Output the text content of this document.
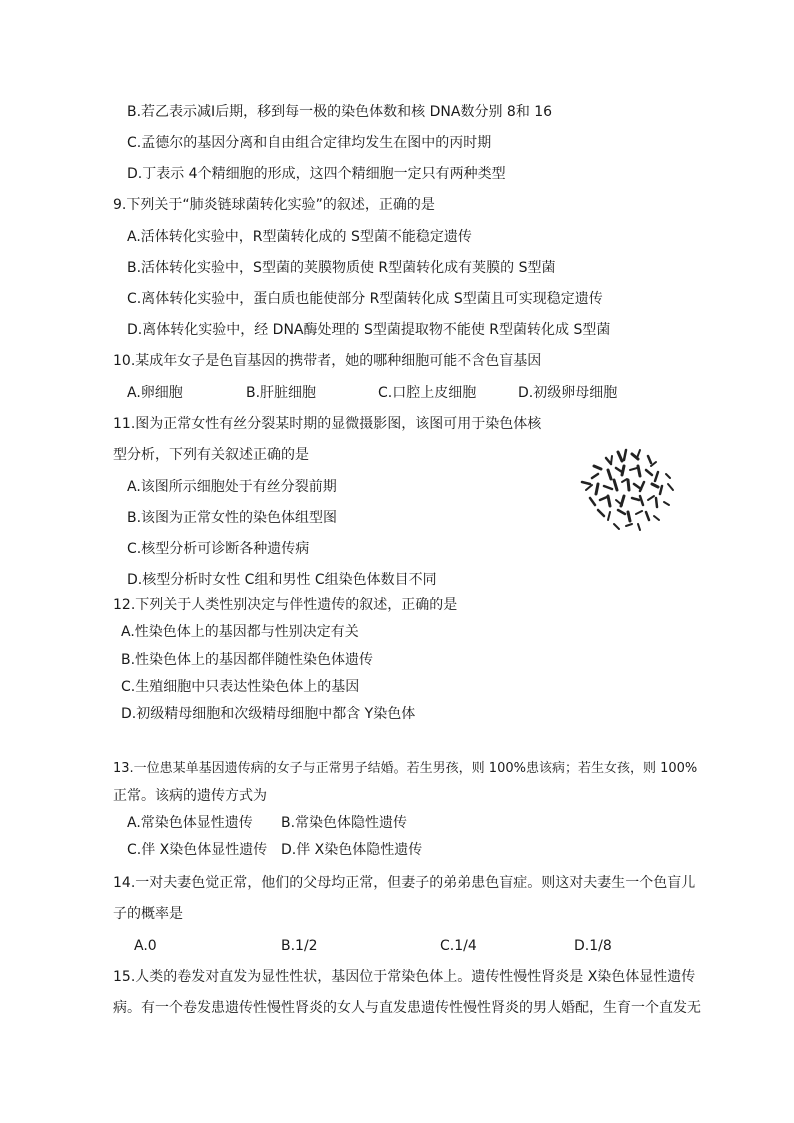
B.若乙表示减Ⅰ后期，移到每一极的染色体数和核 DNA数分别 8和 16
C.孟德尔的基因分离和自由组合定律均发生在图中的丙时期
D.丁表示 4个精细胞的形成，这四个精细胞一定只有两种类型
9.下列关于“肺炎链球菌转化实验”的叙述，正确的是
A.活体转化实验中，R型菌转化成的 S型菌不能稳定遗传
B.活体转化实验中，S型菌的荚膜物质使 R型菌转化成有荚膜的 S型菌
C.离体转化实验中，蛋白质也能使部分 R型菌转化成 S型菌且可实现稳定遗传
D.离体转化实验中，经 DNA酶处理的 S型菌提取物不能使 R型菌转化成 S型菌
10.某成年女子是色盲基因的携带者，她的哪种细胞可能不含色盲基因
A.卵细胞	B.肝脏细胞	C.口腔上皮细胞	D.初级卵母细胞
11.图为正常女性有丝分裂某时期的显微摄影图，该图可用于染色体核
型分析，下列有关叙述正确的是
A.该图所示细胞处于有丝分裂前期
B.该图为正常女性的染色体组型图
C.核型分析可诊断各种遗传病
D.核型分析时女性 C组和男性 C组染色体数目不同
12.下列关于人类性别决定与伴性遗传的叙述，正确的是
A.性染色体上的基因都与性别决定有关
B.性染色体上的基因都伴随性染色体遗传
C.生殖细胞中只表达性染色体上的基因
D.初级精母细胞和次级精母细胞中都含 Y染色体
13.一位患某单基因遗传病的女子与正常男子结婚。若生男孩，则 100%患该病；若生女孩，则 100%
正常。该病的遗传方式为
A.常染色体显性遗传 B.常染色体隐性遗传
C.伴 X染色体显性遗传 D.伴 X染色体隐性遗传
14.一对夫妻色觉正常，他们的父母均正常，但妻子的弟弟患色盲症。则这对夫妻生一个色盲儿
子的概率是
A.0	B.1/2	C.1/4	D.1/8
15.人类的卷发对直发为显性性状，基因位于常染色体上。遗传性慢性肾炎是 X染色体显性遗传
病。有一个卷发患遗传性慢性肾炎的女人与直发患遗传性慢性肾炎的男人婚配，生育一个直发无
